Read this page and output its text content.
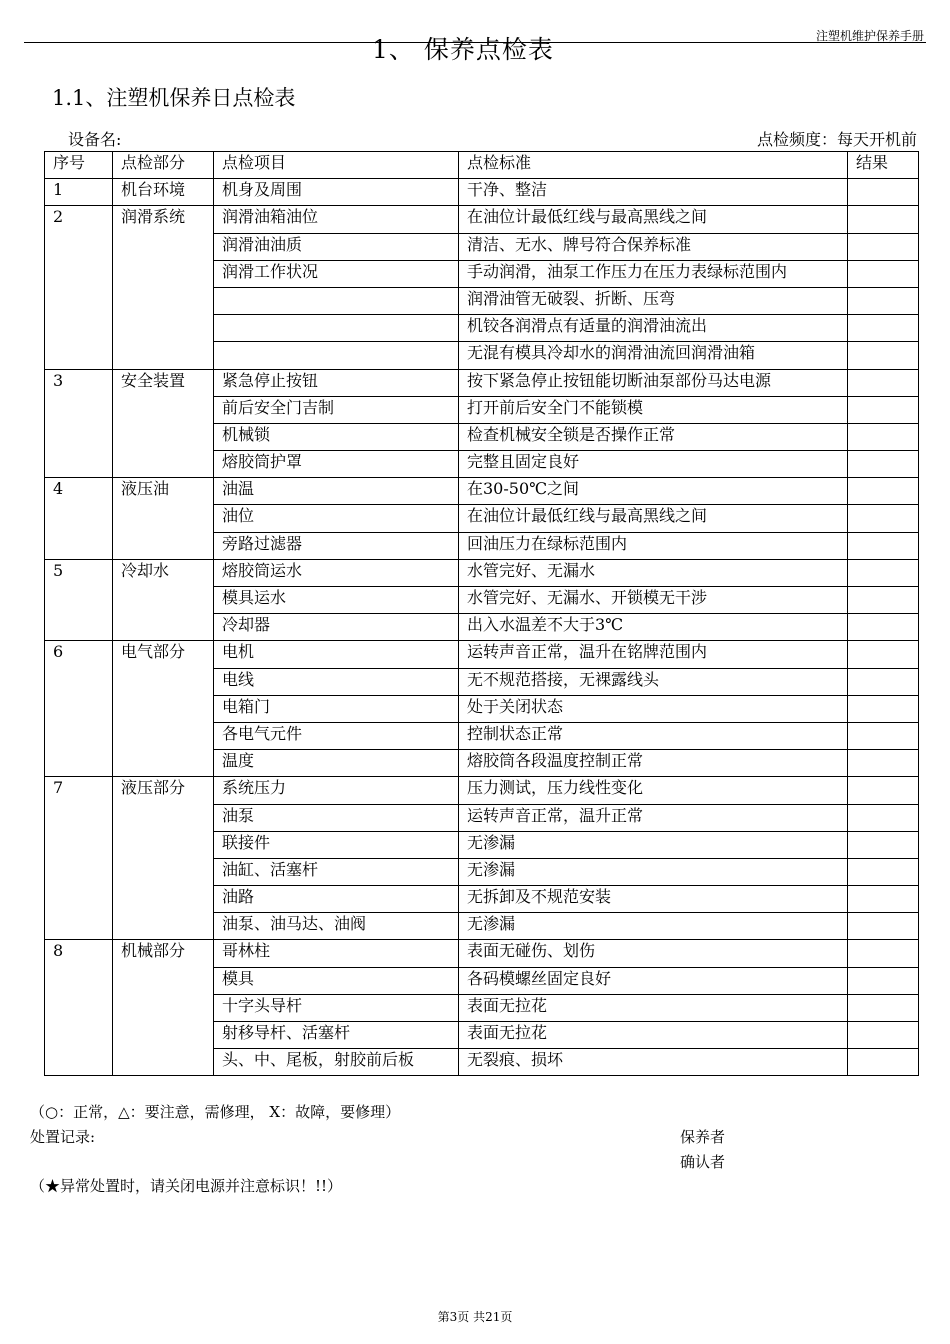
注塑机维护保养手册
1、 保养点检表
1.1、注塑机保养日点检表
设备名:	点检频度：每天开机前
序号	点检部分	点检项目	点检标准	结果
1	机台环境	机身及周围	干净、整洁	
2	润滑系统	润滑油箱油位	在油位计最低红线与最高黑线之间	
		润滑油油质	清洁、无水、牌号符合保养标准	
		润滑工作状况	手动润滑，油泵工作压力在压力表绿标范围内	
			润滑油管无破裂、折断、压弯	
			机铰各润滑点有适量的润滑油流出	
			无混有模具冷却水的润滑油流回润滑油箱	
3	安全装置	紧急停止按钮	按下紧急停止按钮能切断油泵部份马达电源	
		前后安全门吉制	打开前后安全门不能锁模	
		机械锁	检查机械安全锁是否操作正常	
		熔胶筒护罩	完整且固定良好	
4	液压油	油温	在30-50℃之间	
		油位	在油位计最低红线与最高黑线之间	
		旁路过滤器	回油压力在绿标范围内	
5	冷却水	熔胶筒运水	水管完好、无漏水	
		模具运水	水管完好、无漏水、开锁模无干涉	
		冷却器	出入水温差不大于3℃	
6	电气部分	电机	运转声音正常，温升在铭牌范围内	
		电线	无不规范搭接，无裸露线头	
		电箱门	处于关闭状态	
		各电气元件	控制状态正常	
		温度	熔胶筒各段温度控制正常	
7	液压部分	系统压力	压力测试，压力线性变化	
		油泵	运转声音正常，温升正常	
		联接件	无渗漏	
		油缸、活塞杆	无渗漏	
		油路	无拆卸及不规范安装	
		油泵、油马达、油阀	无渗漏	
8	机械部分	哥林柱	表面无碰伤、划伤	
		模具	各码模螺丝固定良好	
		十字头导杆	表面无拉花	
		射移导杆、活塞杆	表面无拉花	
		头、中、尾板，射胶前后板	无裂痕、损坏	
（○：正常，△：要注意，需修理， X：故障，要修理）
处置记录:	保养者
确认者
（★异常处置时，请关闭电源并注意标识！!!）
第3页 共21页
